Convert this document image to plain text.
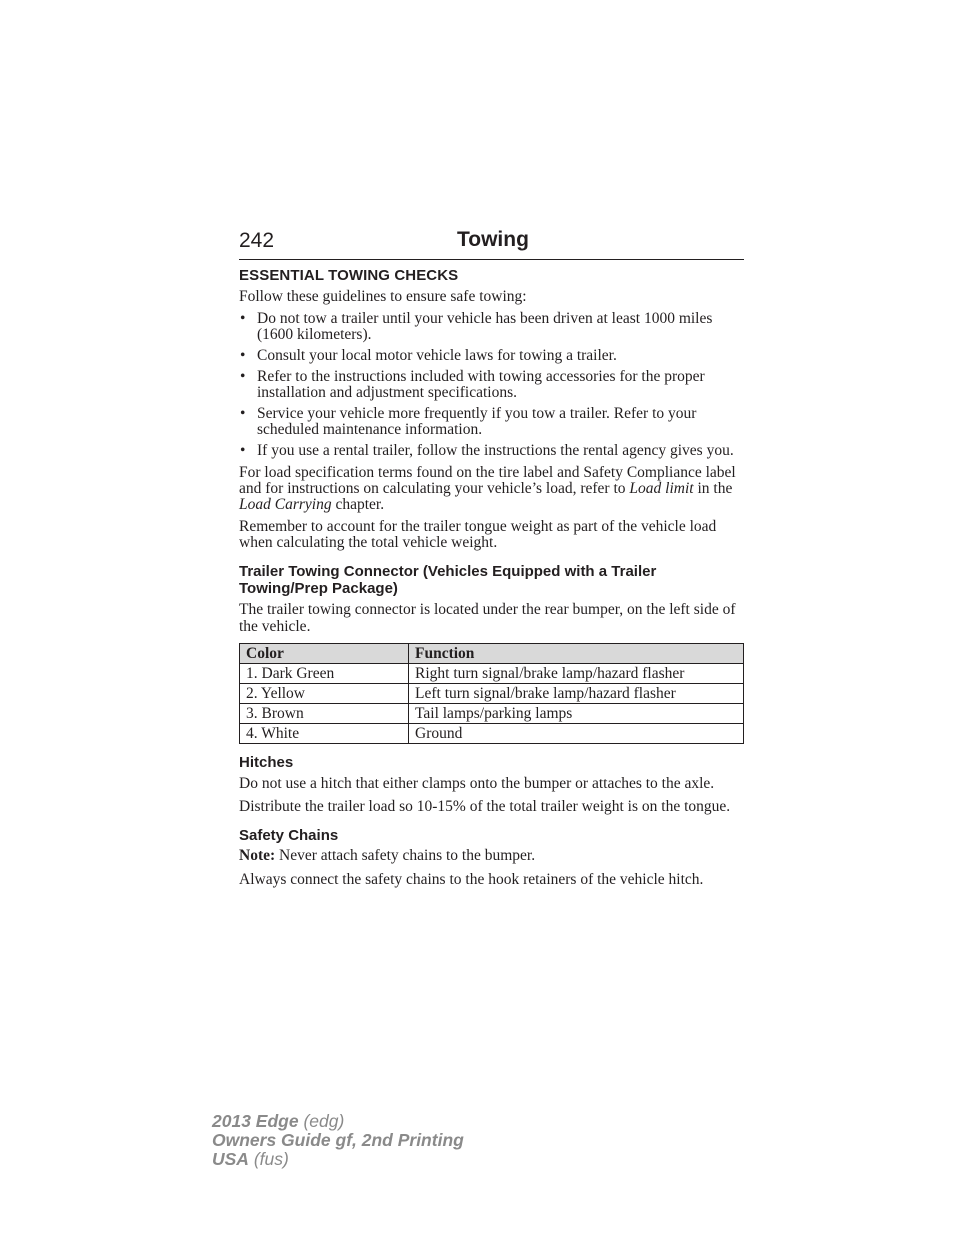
242	Towing
ESSENTIAL TOWING CHECKS

Follow these guidelines to ensure safe towing:

• Do not tow a trailer until your vehicle has been driven at least 1000 miles (1600 kilometers).
• Consult your local motor vehicle laws for towing a trailer.
• Refer to the instructions included with towing accessories for the proper installation and adjustment specifications.
• Service your vehicle more frequently if you tow a trailer. Refer to your scheduled maintenance information.
• If you use a rental trailer, follow the instructions the rental agency gives you.

For load specification terms found on the tire label and Safety Compliance label and for instructions on calculating your vehicle’s load, refer to Load limit in the Load Carrying chapter.

Remember to account for the trailer tongue weight as part of the vehicle load when calculating the total vehicle weight.

Trailer Towing Connector (Vehicles Equipped with a Trailer Towing/Prep Package)

The trailer towing connector is located under the rear bumper, on the left side of the vehicle.

Color	Function
1. Dark Green	Right turn signal/brake lamp/hazard flasher
2. Yellow	Left turn signal/brake lamp/hazard flasher
3. Brown	Tail lamps/parking lamps
4. White	Ground
Hitches

Do not use a hitch that either clamps onto the bumper or attaches to the axle.

Distribute the trailer load so 10-15% of the total trailer weight is on the tongue.

Safety Chains

Note: Never attach safety chains to the bumper.

Always connect the safety chains to the hook retainers of the vehicle hitch.

2013 Edge (edg)
Owners Guide gf, 2nd Printing
USA (fus)
